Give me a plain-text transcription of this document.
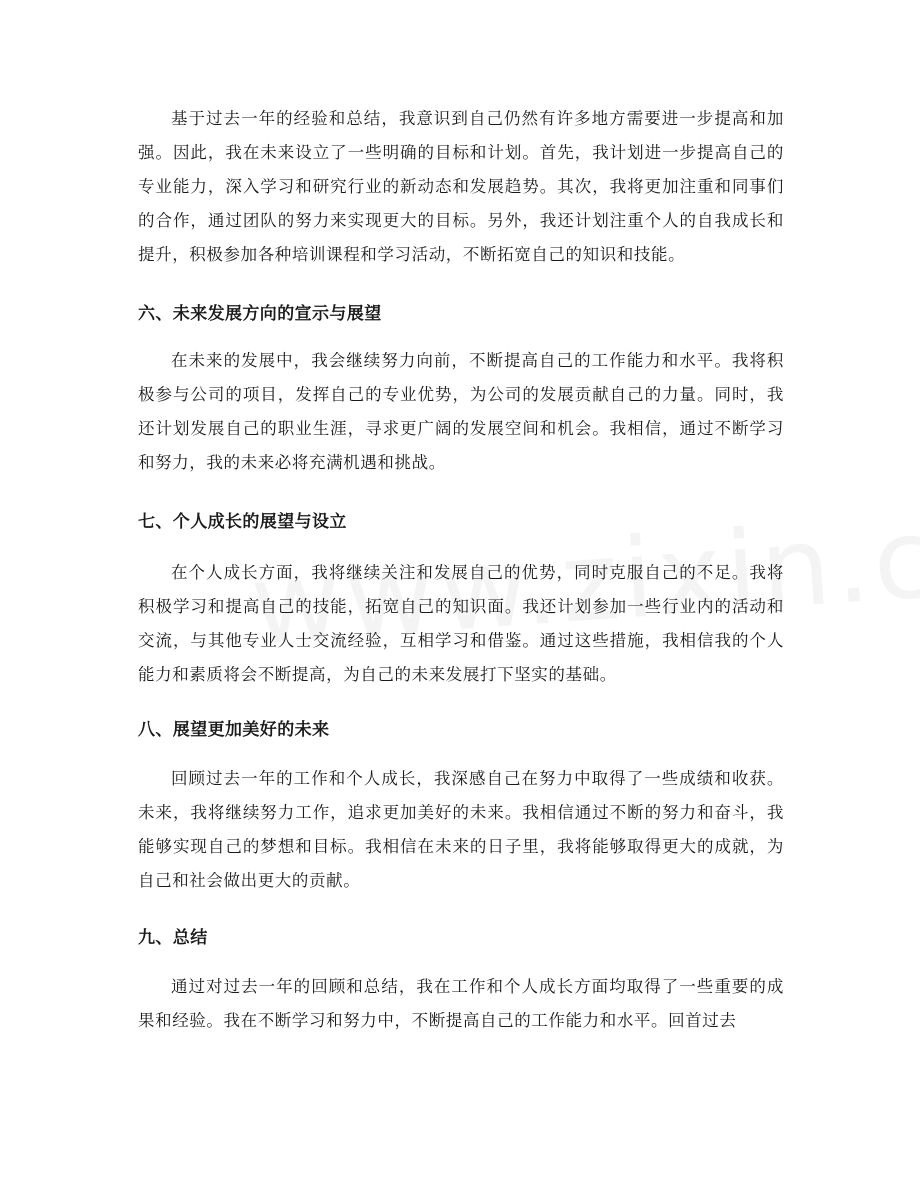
基于过去一年的经验和总结，我意识到自己仍然有许多地方需要进一步提高和加强。因此，我在未来设立了一些明确的目标和计划。首先，我计划进一步提高自己的专业能力，深入学习和研究行业的新动态和发展趋势。其次，我将更加注重和同事们的合作，通过团队的努力来实现更大的目标。另外，我还计划注重个人的自我成长和提升，积极参加各种培训课程和学习活动，不断拓宽自己的知识和技能。

六、未来发展方向的宣示与展望

在未来的发展中，我会继续努力向前，不断提高自己的工作能力和水平。我将积极参与公司的项目，发挥自己的专业优势，为公司的发展贡献自己的力量。同时，我还计划发展自己的职业生涯，寻求更广阔的发展空间和机会。我相信，通过不断学习和努力，我的未来必将充满机遇和挑战。

七、个人成长的展望与设立

在个人成长方面，我将继续关注和发展自己的优势，同时克服自己的不足。我将积极学习和提高自己的技能，拓宽自己的知识面。我还计划参加一些行业内的活动和交流，与其他专业人士交流经验，互相学习和借鉴。通过这些措施，我相信我的个人能力和素质将会不断提高，为自己的未来发展打下坚实的基础。

八、展望更加美好的未来

回顾过去一年的工作和个人成长，我深感自己在努力中取得了一些成绩和收获。未来，我将继续努力工作，追求更加美好的未来。我相信通过不断的努力和奋斗，我能够实现自己的梦想和目标。我相信在未来的日子里，我将能够取得更大的成就，为自己和社会做出更大的贡献。

九、总结

通过对过去一年的回顾和总结，我在工作和个人成长方面均取得了一些重要的成果和经验。我在不断学习和努力中，不断提高自己的工作能力和水平。回首过去
